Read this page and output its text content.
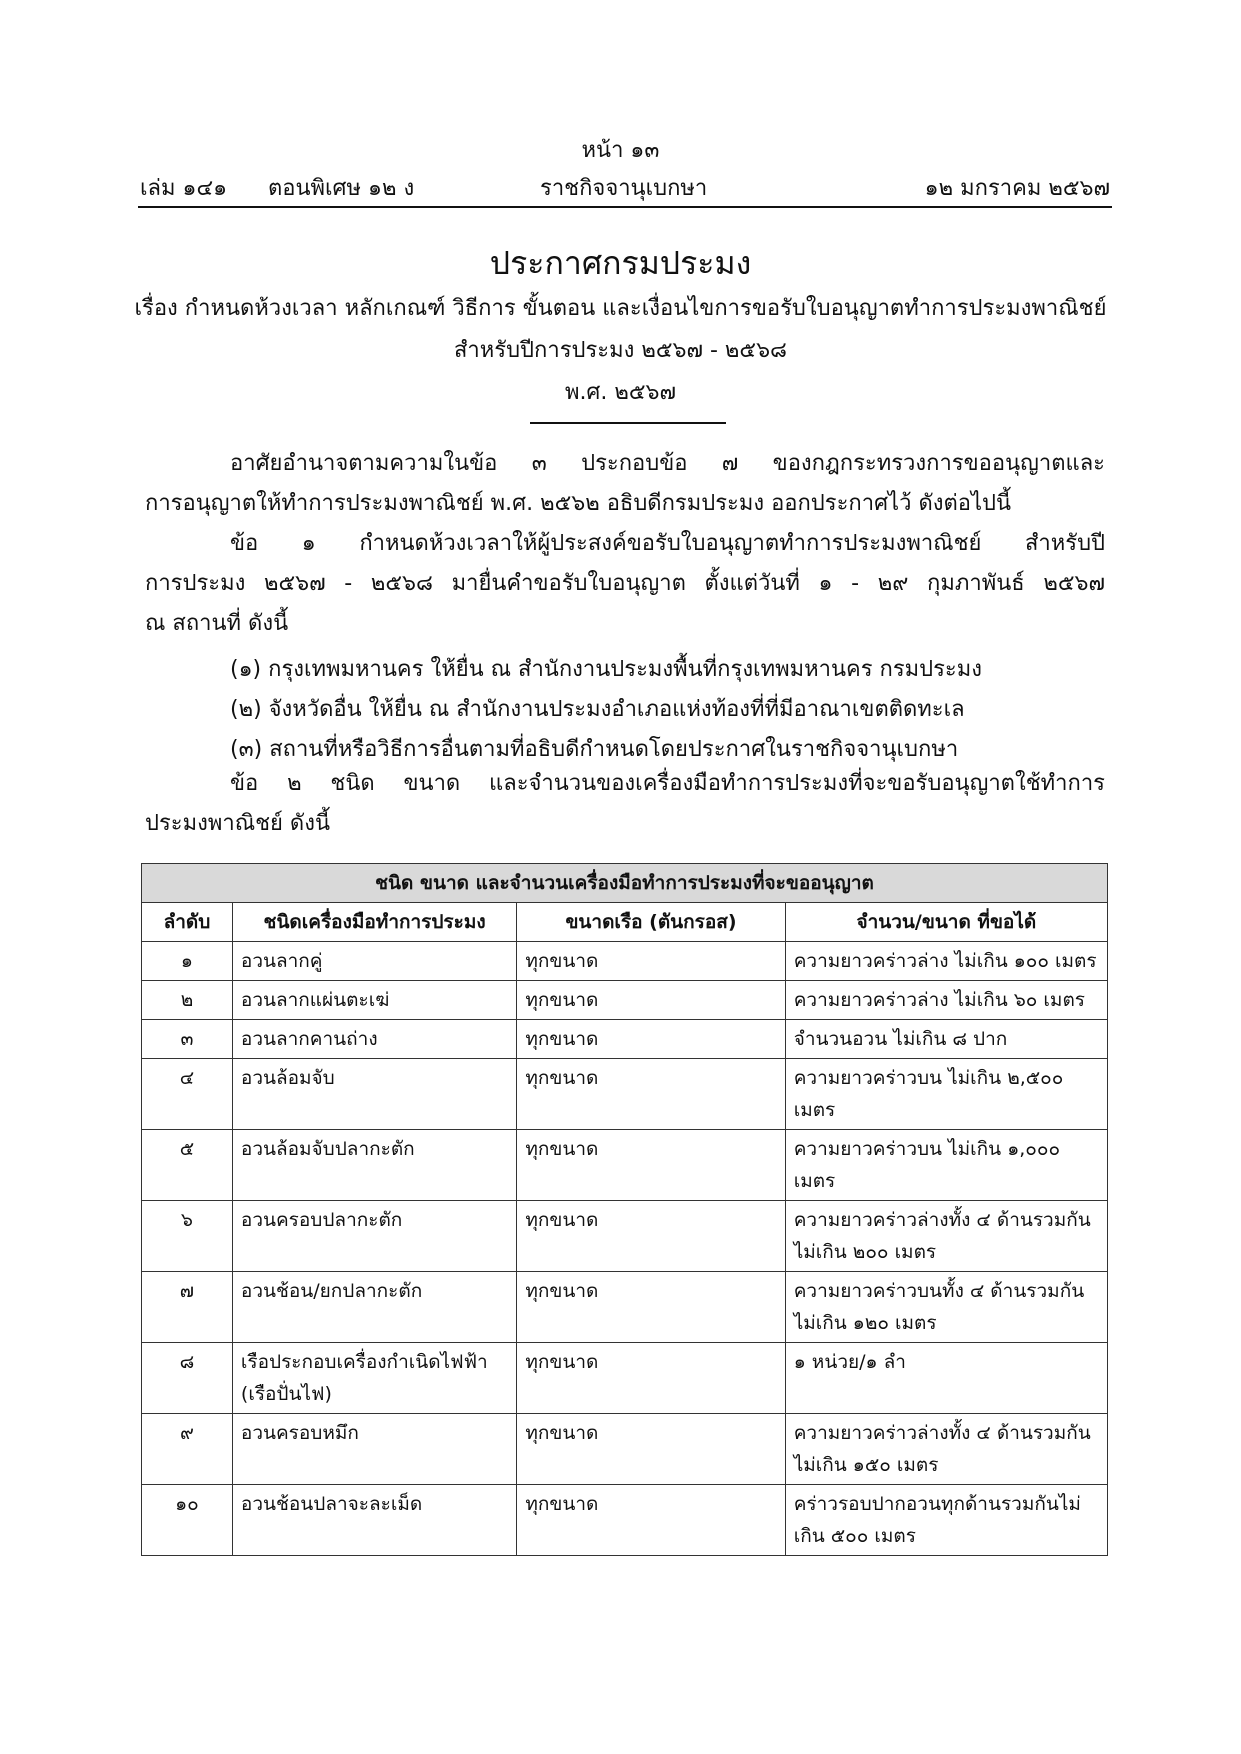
หน้า ๑๓
เล่ม ๑๔๑ ตอนพิเศษ ๑๒ ง	ราชกิจจานุเบกษา	๑๒ มกราคม ๒๕๖๗
ประกาศกรมประมง
เรื่อง กำหนดห้วงเวลา หลักเกณฑ์ วิธีการ ขั้นตอน และเงื่อนไขการขอรับใบอนุญาตทำการประมงพาณิชย์
สำหรับปีการประมง ๒๕๖๗ - ๒๕๖๘
พ.ศ. ๒๕๖๗
อาศัยอำนาจตามความในข้อ ๓ ประกอบข้อ ๗ ของกฎกระทรวงการขออนุญาตและ
การอนุญาตให้ทำการประมงพาณิชย์ พ.ศ. ๒๕๖๒ อธิบดีกรมประมง ออกประกาศไว้ ดังต่อไปนี้
ข้อ ๑ กำหนดห้วงเวลาให้ผู้ประสงค์ขอรับใบอนุญาตทำการประมงพาณิชย์ สำหรับปี
การประมง ๒๕๖๗ - ๒๕๖๘ มายื่นคำขอรับใบอนุญาต ตั้งแต่วันที่ ๑ - ๒๙ กุมภาพันธ์ ๒๕๖๗
ณ สถานที่ ดังนี้
(๑) กรุงเทพมหานคร ให้ยื่น ณ สำนักงานประมงพื้นที่กรุงเทพมหานคร กรมประมง
(๒) จังหวัดอื่น ให้ยื่น ณ สำนักงานประมงอำเภอแห่งท้องที่ที่มีอาณาเขตติดทะเล
(๓) สถานที่หรือวิธีการอื่นตามที่อธิบดีกำหนดโดยประกาศในราชกิจจานุเบกษา
ข้อ ๒ ชนิด ขนาด และจำนวนของเครื่องมือทำการประมงที่จะขอรับอนุญาตใช้ทำการ
ประมงพาณิชย์ ดังนี้
ชนิด ขนาด และจำนวนเครื่องมือทำการประมงที่จะขออนุญาต			
ลำดับ	ชนิดเครื่องมือทำการประมง	ขนาดเรือ (ตันกรอส)	จำนวน/ขนาด ที่ขอได้
๑	อวนลากคู่	ทุกขนาด	ความยาวคร่าวล่าง ไม่เกิน ๑๐๐ เมตร
๒	อวนลากแผ่นตะเฆ่	ทุกขนาด	ความยาวคร่าวล่าง ไม่เกิน ๖๐ เมตร
๓	อวนลากคานถ่าง	ทุกขนาด	จำนวนอวน ไม่เกิน ๘ ปาก
๔	อวนล้อมจับ	ทุกขนาด	ความยาวคร่าวบน ไม่เกิน ๒,๕๐๐ เมตร
๕	อวนล้อมจับปลากะตัก	ทุกขนาด	ความยาวคร่าวบน ไม่เกิน ๑,๐๐๐ เมตร
๖	อวนครอบปลากะตัก	ทุกขนาด	ความยาวคร่าวล่างทั้ง ๔ ด้านรวมกัน ไม่เกิน ๒๐๐ เมตร
๗	อวนช้อน/ยกปลากะตัก	ทุกขนาด	ความยาวคร่าวบนทั้ง ๔ ด้านรวมกัน ไม่เกิน ๑๒๐ เมตร
๘	เรือประกอบเครื่องกำเนิดไฟฟ้า (เรือปั่นไฟ)	ทุกขนาด	๑ หน่วย/๑ ลำ
๙	อวนครอบหมึก	ทุกขนาด	ความยาวคร่าวล่างทั้ง ๔ ด้านรวมกัน ไม่เกิน ๑๕๐ เมตร
๑๐	อวนช้อนปลาจะละเม็ด	ทุกขนาด	คร่าวรอบปากอวนทุกด้านรวมกันไม่เกิน ๕๐๐ เมตร
